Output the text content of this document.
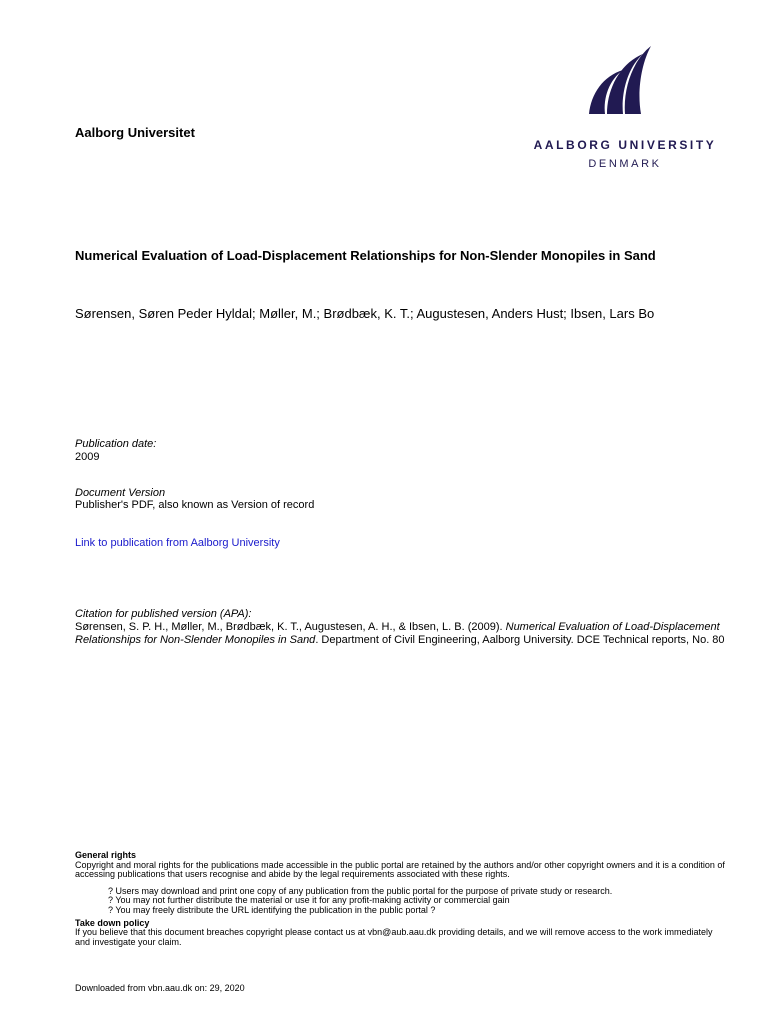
Aalborg Universitet
AALBORG UNIVERSITY
DENMARK
Numerical Evaluation of Load-Displacement Relationships for Non-Slender Monopiles in Sand
Sørensen, Søren Peder Hyldal; Møller, M.; Brødbæk, K. T.; Augustesen, Anders Hust; Ibsen, Lars Bo
Publication date:
2009
Document Version
Publisher's PDF, also known as Version of record
Link to publication from Aalborg University
Citation for published version (APA):
Sørensen, S. P. H., Møller, M., Brødbæk, K. T., Augustesen, A. H., & Ibsen, L. B. (2009). Numerical Evaluation of Load-Displacement Relationships for Non-Slender Monopiles in Sand. Department of Civil Engineering, Aalborg University. DCE Technical reports, No. 80
General rights
Copyright and moral rights for the publications made accessible in the public portal are retained by the authors and/or other copyright owners and it is a condition of accessing publications that users recognise and abide by the legal requirements associated with these rights.
? Users may download and print one copy of any publication from the public portal for the purpose of private study or research.
? You may not further distribute the material or use it for any profit-making activity or commercial gain
? You may freely distribute the URL identifying the publication in the public portal ?
Take down policy
If you believe that this document breaches copyright please contact us at vbn@aub.aau.dk providing details, and we will remove access to the work immediately and investigate your claim.
Downloaded from vbn.aau.dk on: 29, 2020
